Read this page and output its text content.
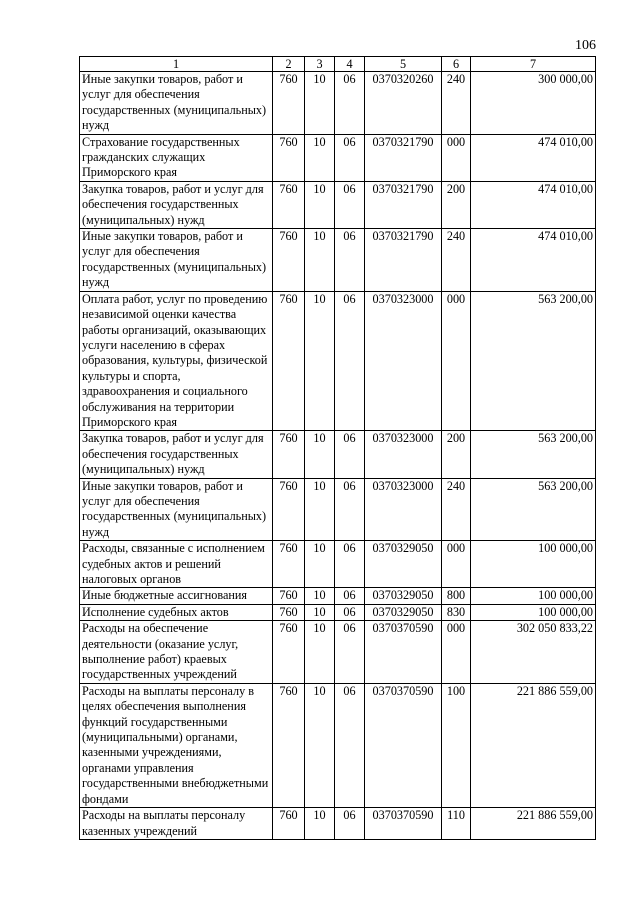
106
1	2	3	4	5	6	7
Иные закупки товаров, работ и услуг для обеспечения государственных (муниципальных) нужд	760	10	06	0370320260	240	300 000,00
Страхование государственных гражданских служащих Приморского края	760	10	06	0370321790	000	474 010,00
Закупка товаров, работ и услуг для обеспечения государственных (муниципальных) нужд	760	10	06	0370321790	200	474 010,00
Иные закупки товаров, работ и услуг для обеспечения государственных (муниципальных) нужд	760	10	06	0370321790	240	474 010,00
Оплата работ, услуг по проведению независимой оценки качества работы организаций, оказывающих услуги населению в сферах образования, культуры, физической культуры и спорта, здравоохранения и социального обслуживания на территории Приморского края	760	10	06	0370323000	000	563 200,00
Закупка товаров, работ и услуг для обеспечения государственных (муниципальных) нужд	760	10	06	0370323000	200	563 200,00
Иные закупки товаров, работ и услуг для обеспечения государственных (муниципальных) нужд	760	10	06	0370323000	240	563 200,00
Расходы, связанные с исполнением судебных актов и решений налоговых органов	760	10	06	0370329050	000	100 000,00
Иные бюджетные ассигнования	760	10	06	0370329050	800	100 000,00
Исполнение судебных актов	760	10	06	0370329050	830	100 000,00
Расходы на обеспечение деятельности (оказание услуг, выполнение работ) краевых государственных учреждений	760	10	06	0370370590	000	302 050 833,22
Расходы на выплаты персоналу в целях обеспечения выполнения функций государственными (муниципальными) органами, казенными учреждениями, органами управления государственными внебюджетными фондами	760	10	06	0370370590	100	221 886 559,00
Расходы на выплаты персоналу казенных учреждений	760	10	06	0370370590	110	221 886 559,00
